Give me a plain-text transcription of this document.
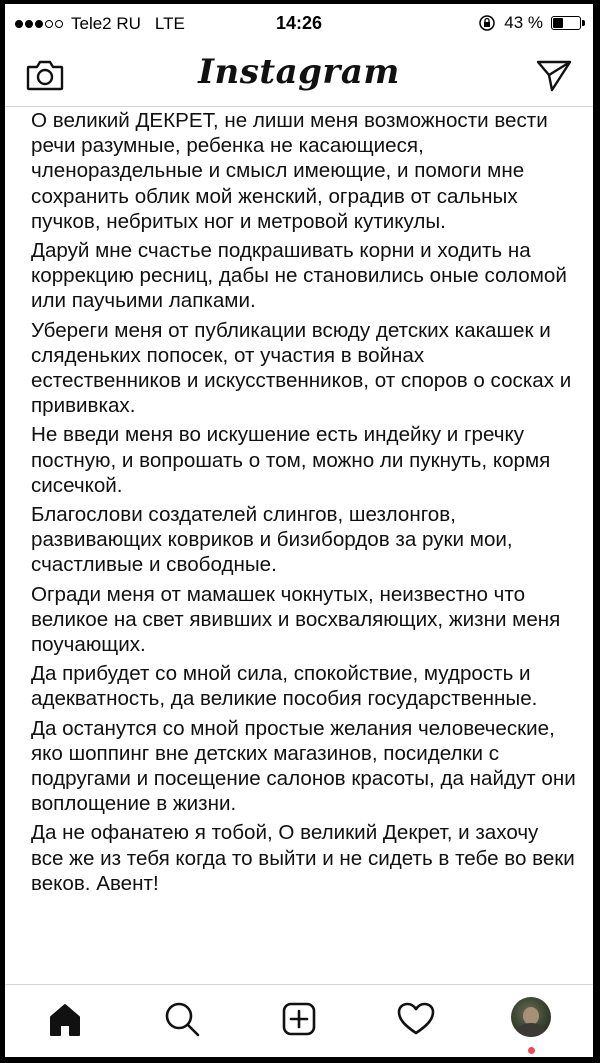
Tele2 RU LTE	14:26	43 %
Instagram

О великий ДЕКРЕТ, не лиши меня возможности вести речи разумные, ребенка не касающиеся, членораздельные и смысл имеющие, и помоги мне сохранить облик мой женский, оградив от сальных пучков, небритых ног и метровой кутикулы.

Даруй мне счастье подкрашивать корни и ходить на коррекцию ресниц, дабы не становились оные соломой или паучьими лапками.

Убереги меня от публикации всюду детских какашек и сляденьких попосек, от участия в войнах естественников и искусственников, от споров о сосках и прививках.

Не введи меня во искушение есть индейку и гречку постную, и вопрошать о том, можно ли пукнуть, кормя сисечкой.

Благослови создателей слингов, шезлонгов, развивающих ковриков и бизибордов за руки мои, счастливые и свободные.

Огради меня от мамашек чокнутых, неизвестно что великое на свет явивших и восхваляющих, жизни меня поучающих.

Да прибудет со мной сила, спокойствие, мудрость и адекватность, да великие пособия государственные.

Да останутся со мной простые желания человеческие, яко шоппинг вне детских магазинов, посиделки с подругами и посещение салонов красоты, да найдут они воплощение в жизни.

Да не офанатею я тобой, О великий Декрет, и захочу все же из тебя когда то выйти и не сидеть в тебе во веки веков. Авент!
